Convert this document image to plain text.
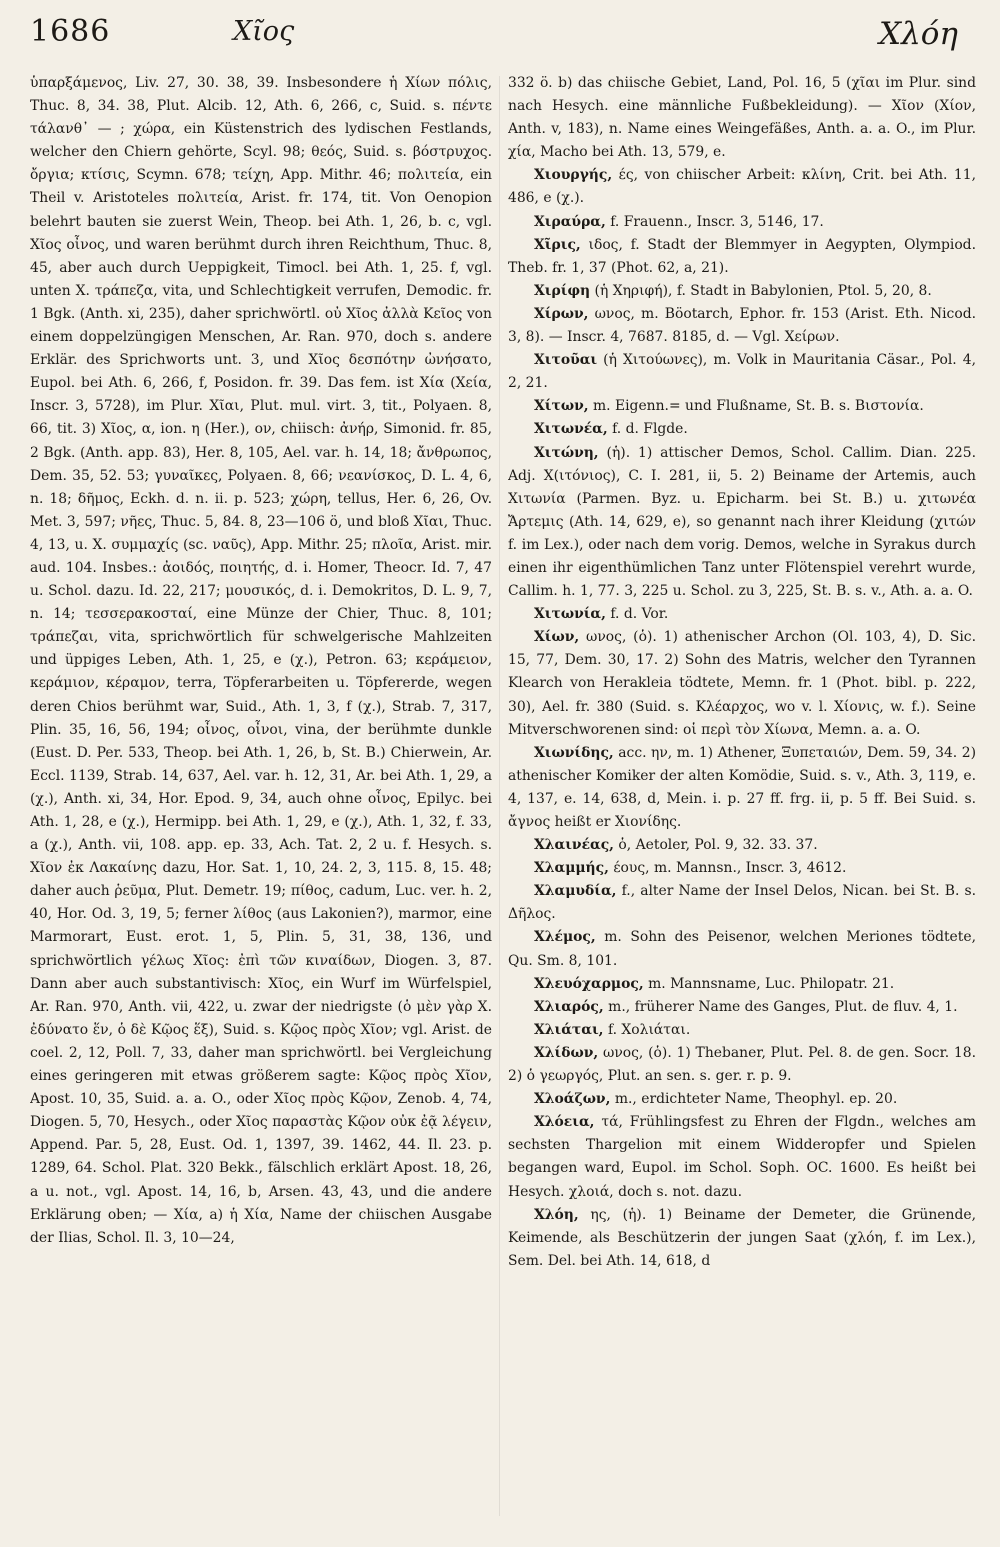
1686	Χῖος	Χλόη

ὑπαρξάμενος, Liv. 27, 30. 38, 39. Insbesondere ἡ Χίων πόλις, Thuc. 8, 34. 38, Plut. Alcib. 12, Ath. 6, 266, c, Suid. s. πέντε τάλανθ᾽ — ; χώρα, ein Küstenstrich des lydischen Festlands, welcher den Chiern gehörte, Scyl. 98; θεός, Suid. s. βόστρυχος. ὄργια; κτίσις, Scymn. 678; τείχη, App. Mithr. 46; πολιτεία, ein Theil v. Aristoteles πολιτεία, Arist. fr. 174, tit. Von Oenopion belehrt bauten sie zuerst Wein, Theop. bei Ath. 1, 26, b. c, vgl. Χῖος οἶνος, und waren berühmt durch ihren Reichthum, Thuc. 8, 45, aber auch durch Ueppigkeit, Timocl. bei Ath. 1, 25. f, vgl. unten Χ. τράπεζα, vita, und Schlechtigkeit verrufen, Demodic. fr. 1 Bgk. (Anth. xi, 235), daher sprichwörtl. οὐ Χῖος ἀλλὰ Κεῖος von einem doppelzüngigen Menschen, Ar. Ran. 970, doch s. andere Erklär. des Sprichworts unt. 3, und Χῖος δεσπότην ὠνήσατο, Eupol. bei Ath. 6, 266, f, Posidon. fr. 39. Das fem. ist Χία (Χεία, Inscr. 3, 5728), im Plur. Χῖαι, Plut. mul. virt. 3, tit., Polyaen. 8, 66, tit. 3) Χῖος, α, ion. η (Her.), ον, chiisch: ἀνήρ, Simonid. fr. 85, 2 Bgk. (Anth. app. 83), Her. 8, 105, Ael. var. h. 14, 18; ἄνθρωπος, Dem. 35, 52. 53; γυναῖκες, Polyaen. 8, 66; νεανίσκος, D. L. 4, 6, n. 18; δῆμος, Eckh. d. n. ii. p. 523; χώρη, tellus, Her. 6, 26, Ov. Met. 3, 597; νῆες, Thuc. 5, 84. 8, 23—106 ö, und bloß Χῖαι, Thuc. 4, 13, u. Χ. συμμαχίς (sc. ναῦς), App. Mithr. 25; πλοῖα, Arist. mir. aud. 104. Insbes.: ἀοιδός, ποιητής, d. i. Homer, Theocr. Id. 7, 47 u. Schol. dazu. Id. 22, 217; μουσικός, d. i. Demokritos, D. L. 9, 7, n. 14; τεσσερακοσταί, eine Münze der Chier, Thuc. 8, 101; τράπεζαι, vita, sprichwörtlich für schwelgerische Mahlzeiten und üppiges Leben, Ath. 1, 25, e (χ.), Petron. 63; κεράμειον, κεράμιον, κέραμον, terra, Töpferarbeiten u. Töpfererde, wegen deren Chios berühmt war, Suid., Ath. 1, 3, f (χ.), Strab. 7, 317, Plin. 35, 16, 56, 194; οἶνος, οἶνοι, vina, der berühmte dunkle (Eust. D. Per. 533, Theop. bei Ath. 1, 26, b, St. B.) Chierwein, Ar. Eccl. 1139, Strab. 14, 637, Ael. var. h. 12, 31, Ar. bei Ath. 1, 29, a (χ.), Anth. xi, 34, Hor. Epod. 9, 34, auch ohne οἶνος, Epilyc. bei Ath. 1, 28, e (χ.), Hermipp. bei Ath. 1, 29, e (χ.), Ath. 1, 32, f. 33, a (χ.), Anth. vii, 108. app. ep. 33, Ach. Tat. 2, 2 u. f. Hesych. s. Χῖον ἐκ Λακαίνης dazu, Hor. Sat. 1, 10, 24. 2, 3, 115. 8, 15. 48; daher auch ῥεῦμα, Plut. Demetr. 19; πίθος, cadum, Luc. ver. h. 2, 40, Hor. Od. 3, 19, 5; ferner λίθος (aus Lakonien?), marmor, eine Marmorart, Eust. erot. 1, 5, Plin. 5, 31, 38, 136, und sprichwörtlich γέλως Χῖος: ἐπὶ τῶν κιναίδων, Diogen. 3, 87. Dann aber auch substantivisch: Χῖος, ein Wurf im Würfelspiel, Ar. Ran. 970, Anth. vii, 422, u. zwar der niedrigste (ὁ μὲν γὰρ Χ. ἐδύνατο ἕν, ὁ δὲ Κῷος ἕξ), Suid. s. Κῷος πρὸς Χῖον; vgl. Arist. de coel. 2, 12, Poll. 7, 33, daher man sprichwörtl. bei Vergleichung eines geringeren mit etwas größerem sagte: Κῷος πρὸς Χῖον, Apost. 10, 35, Suid. a. a. O., oder Χῖος πρὸς Κῷον, Zenob. 4, 74, Diogen. 5, 70, Hesych., oder Χῖος παραστὰς Κῷον οὐκ ἐᾷ λέγειν, Append. Par. 5, 28, Eust. Od. 1, 1397, 39. 1462, 44. Il. 23. p. 1289, 64. Schol. Plat. 320 Bekk., fälschlich erklärt Apost. 18, 26, a u. not., vgl. Apost. 14, 16, b, Arsen. 43, 43, und die andere Erklärung oben; — Χία, a) ἡ Χία, Name der chiischen Ausgabe der Ilias, Schol. Il. 3, 10—24,

332 ö. b) das chiische Gebiet, Land, Pol. 16, 5 (χῖαι im Plur. sind nach Hesych. eine männliche Fußbekleidung). — Χῖον (Χίον, Anth. v, 183), n. Name eines Weingefäßes, Anth. a. a. O., im Plur. χία, Macho bei Ath. 13, 579, e.

Χιουργής, ές, von chiischer Arbeit: κλίνη, Crit. bei Ath. 11, 486, e (χ.).

Χιραύρα, f. Frauenn., Inscr. 3, 5146, 17.

Χῖρις, ιδος, f. Stadt der Blemmyer in Aegypten, Olympiod. Theb. fr. 1, 37 (Phot. 62, a, 21).

Χιρίφη (ἡ Χηριφή), f. Stadt in Babylonien, Ptol. 5, 20, 8.

Χίρων, ωνος, m. Böotarch, Ephor. fr. 153 (Arist. Eth. Nicod. 3, 8). — Inscr. 4, 7687. 8185, d. — Vgl. Χείρων.

Χιτοῦαι (ἡ Χιτούωνες), m. Volk in Mauritania Cäsar., Pol. 4, 2, 21.

Χίτων, m. Eigenn.= und Flußname, St. B. s. Βιστονία.

Χιτωνέα, f. d. Flgde.

Χιτώνη, (ἡ). 1) attischer Demos, Schol. Callim. Dian. 225. Adj. Χ(ιτόνιος), C. I. 281, ii, 5. 2) Beiname der Artemis, auch Χιτωνία (Parmen. Byz. u. Epicharm. bei St. B.) u. χιτωνέα Ἄρτεμις (Ath. 14, 629, e), so genannt nach ihrer Kleidung (χιτών f. im Lex.), oder nach dem vorig. Demos, welche in Syrakus durch einen ihr eigenthümlichen Tanz unter Flötenspiel verehrt wurde, Callim. h. 1, 77. 3, 225 u. Schol. zu 3, 225, St. B. s. v., Ath. a. a. O.

Χιτωνία, f. d. Vor.

Χίων, ωνος, (ὁ). 1) athenischer Archon (Ol. 103, 4), D. Sic. 15, 77, Dem. 30, 17. 2) Sohn des Matris, welcher den Tyrannen Klearch von Herakleia tödtete, Memn. fr. 1 (Phot. bibl. p. 222, 30), Ael. fr. 380 (Suid. s. Κλέαρχος, wo v. l. Χίονις, w. f.). Seine Mitverschworenen sind: οἱ περὶ τὸν Χίωνα, Memn. a. a. O.

Χιωνίδης, acc. ην, m. 1) Athener, Ξυπεταιών, Dem. 59, 34. 2) athenischer Komiker der alten Komödie, Suid. s. v., Ath. 3, 119, e. 4, 137, e. 14, 638, d, Mein. i. p. 27 ff. frg. ii, p. 5 ff. Bei Suid. s. ἄγνος heißt er Χιονίδης.

Χλαινέας, ὁ, Aetoler, Pol. 9, 32. 33. 37.

Χλαμμής, έους, m. Mannsn., Inscr. 3, 4612.

Χλαμυδία, f., alter Name der Insel Delos, Nican. bei St. B. s. Δῆλος.

Χλέμος, m. Sohn des Peisenor, welchen Meriones tödtete, Qu. Sm. 8, 101.

Χλευόχαρμος, m. Mannsname, Luc. Philopatr. 21.

Χλιαρός, m., früherer Name des Ganges, Plut. de fluv. 4, 1.

Χλιάται, f. Χολιάται.

Χλίδων, ωνος, (ὁ). 1) Thebaner, Plut. Pel. 8. de gen. Socr. 18. 2) ὁ γεωργός, Plut. an sen. s. ger. r. p. 9.

Χλοάζων, m., erdichteter Name, Theophyl. ep. 20.

Χλόεια, τά, Frühlingsfest zu Ehren der Flgdn., welches am sechsten Thargelion mit einem Widderopfer und Spielen begangen ward, Eupol. im Schol. Soph. OC. 1600. Es heißt bei Hesych. χλοιά, doch s. not. dazu.

Χλόη, ης, (ἡ). 1) Beiname der Demeter, die Grünende, Keimende, als Beschützerin der jungen Saat (χλόη, f. im Lex.), Sem. Del. bei Ath. 14, 618, d
